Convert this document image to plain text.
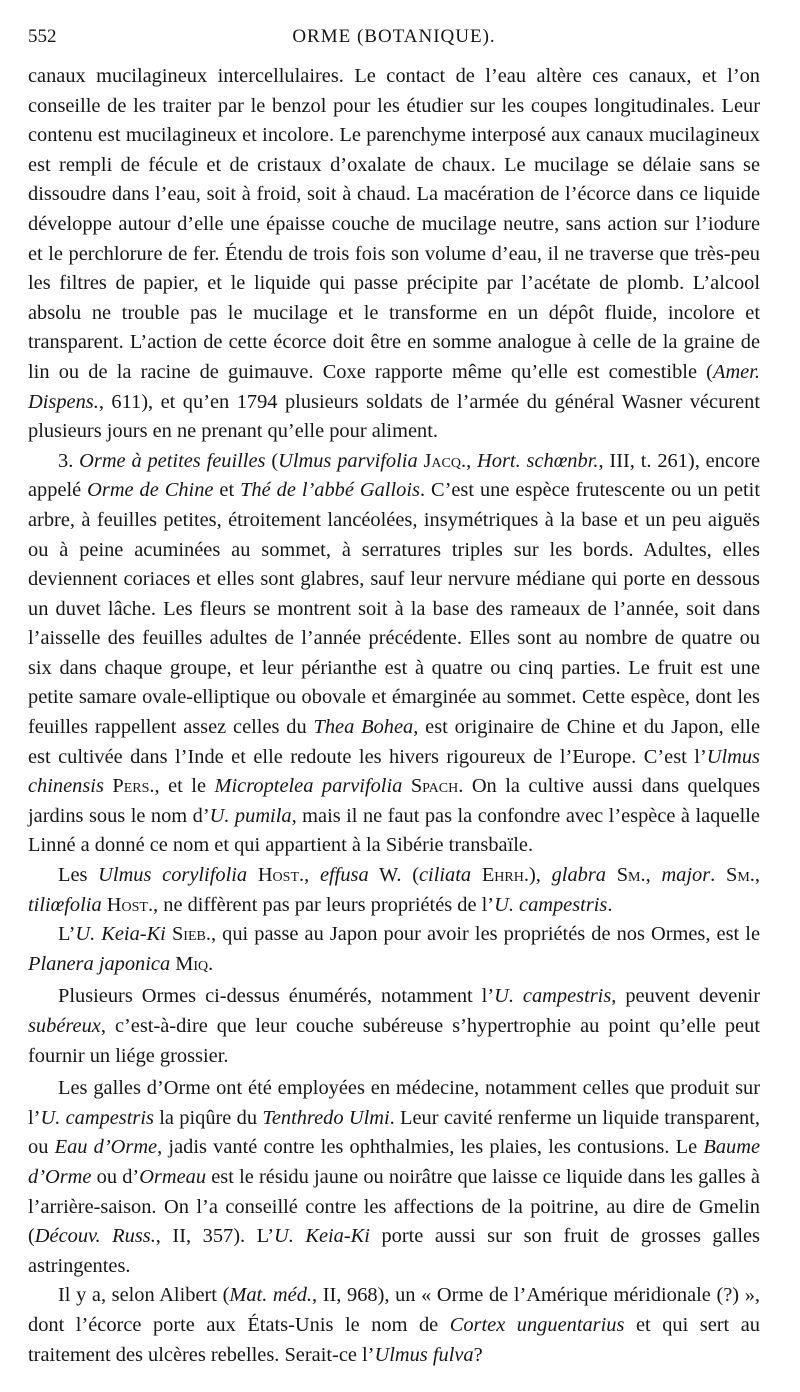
552	ORME (BOTANIQUE).

canaux mucilagineux intercellulaires. Le contact de l’eau altère ces canaux, et l’on conseille de les traiter par le benzol pour les étudier sur les coupes longitudinales. Leur contenu est mucilagineux et incolore. Le parenchyme interposé aux canaux mucilagineux est rempli de fécule et de cristaux d’oxalate de chaux. Le mucilage se délaie sans se dissoudre dans l’eau, soit à froid, soit à chaud. La macération de l’écorce dans ce liquide développe autour d’elle une épaisse couche de mucilage neutre, sans action sur l’iodure et le perchlorure de fer. Étendu de trois fois son volume d’eau, il ne traverse que très-peu les filtres de papier, et le liquide qui passe précipite par l’acétate de plomb. L’alcool absolu ne trouble pas le mucilage et le transforme en un dépôt fluide, incolore et transparent. L’action de cette écorce doit être en somme analogue à celle de la graine de lin ou de la racine de guimauve. Coxe rapporte même qu’elle est comestible (Amer. Dispens., 611), et qu’en 1794 plusieurs soldats de l’armée du général Wasner vécurent plusieurs jours en ne prenant qu’elle pour aliment.

3. Orme à petites feuilles (Ulmus parvifolia Jacq., Hort. schœnbr., III, t. 261), encore appelé Orme de Chine et Thé de l’abbé Gallois. C’est une espèce frutescente ou un petit arbre, à feuilles petites, étroitement lancéolées, insymétriques à la base et un peu aiguës ou à peine acuminées au sommet, à serratures triples sur les bords. Adultes, elles deviennent coriaces et elles sont glabres, sauf leur nervure médiane qui porte en dessous un duvet lâche. Les fleurs se montrent soit à la base des rameaux de l’année, soit dans l’aisselle des feuilles adultes de l’année précédente. Elles sont au nombre de quatre ou six dans chaque groupe, et leur périanthe est à quatre ou cinq parties. Le fruit est une petite samare ovale-elliptique ou obovale et émarginée au sommet. Cette espèce, dont les feuilles rappellent assez celles du Thea Bohea, est originaire de Chine et du Japon, elle est cultivée dans l’Inde et elle redoute les hivers rigoureux de l’Europe. C’est l’Ulmus chinensis Pers., et le Microptelea parvifolia Spach. On la cultive aussi dans quelques jardins sous le nom d’U. pumila, mais il ne faut pas la confondre avec l’espèce à laquelle Linné a donné ce nom et qui appartient à la Sibérie transbaïle.

Les Ulmus corylifolia Host., effusa W. (ciliata Ehrh.), glabra Sm., major. Sm., tiliœfolia Host., ne diffèrent pas par leurs propriétés de l’U. campestris.

L’U. Keia-Ki Sieb., qui passe au Japon pour avoir les propriétés de nos Ormes, est le Planera japonica Miq.

Plusieurs Ormes ci-dessus énumérés, notamment l’U. campestris, peuvent devenir subéreux, c’est-à-dire que leur couche subéreuse s’hypertrophie au point qu’elle peut fournir un liége grossier.

Les galles d’Orme ont été employées en médecine, notamment celles que produit sur l’U. campestris la piqûre du Tenthredo Ulmi. Leur cavité renferme un liquide transparent, ou Eau d’Orme, jadis vanté contre les ophthalmies, les plaies, les contusions. Le Baume d’Orme ou d’Ormeau est le résidu jaune ou noirâtre que laisse ce liquide dans les galles à l’arrière-saison. On l’a conseillé contre les affections de la poitrine, au dire de Gmelin (Découv. Russ., II, 357). L’U. Keia-Ki porte aussi sur son fruit de grosses galles astringentes.

Il y a, selon Alibert (Mat. méd., II, 968), un « Orme de l’Amérique méridionale (?) », dont l’écorce porte aux États-Unis le nom de Cortex unguentarius et qui sert au traitement des ulcères rebelles. Serait-ce l’Ulmus fulva?
